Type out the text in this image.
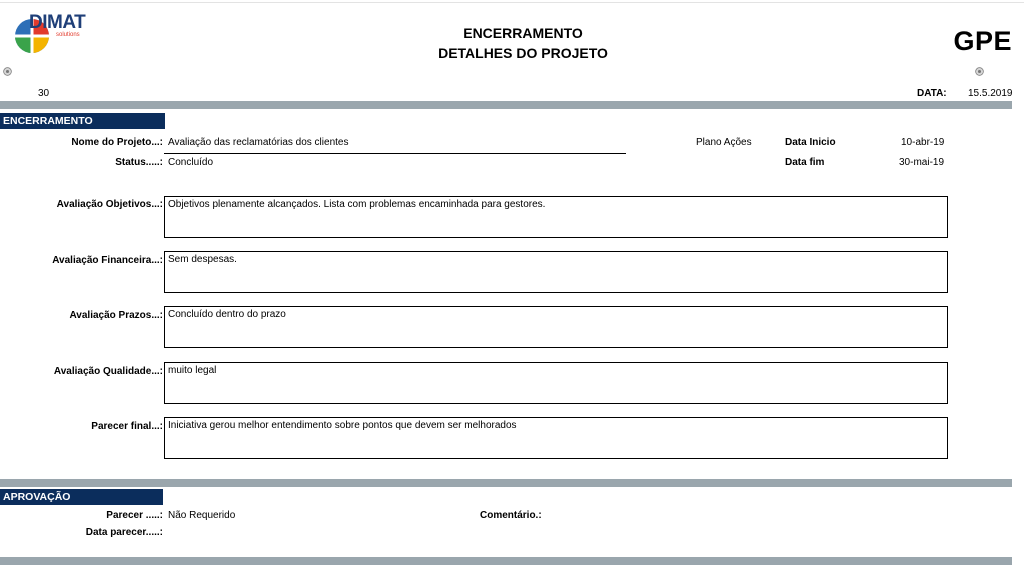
DIMAT
solutions	ENCERRAMENTO
DETALHES DO PROJETO	GPE
30	DATA: 15.5.2019
ENCERRAMENTO
Nome do Projeto...: Avaliação das reclamatórias dos clientes
Status.....: Concluído
Plano Ações	Data Inicio	10-abr-19
Data fim	30-mai-19
Avaliação Objetivos...: Objetivos plenamente alcançados. Lista com problemas encaminhada para gestores.
Avaliação Financeira...: Sem despesas.
Avaliação Prazos...: Concluído dentro do prazo
Avaliação Qualidade...: muito legal
Parecer final...: Iniciativa gerou melhor entendimento sobre pontos que devem ser melhorados
APROVAÇÃO ENCERRAMENTO	Parecer .....: Não Requerido	Comentário.:
Data parecer.....:
